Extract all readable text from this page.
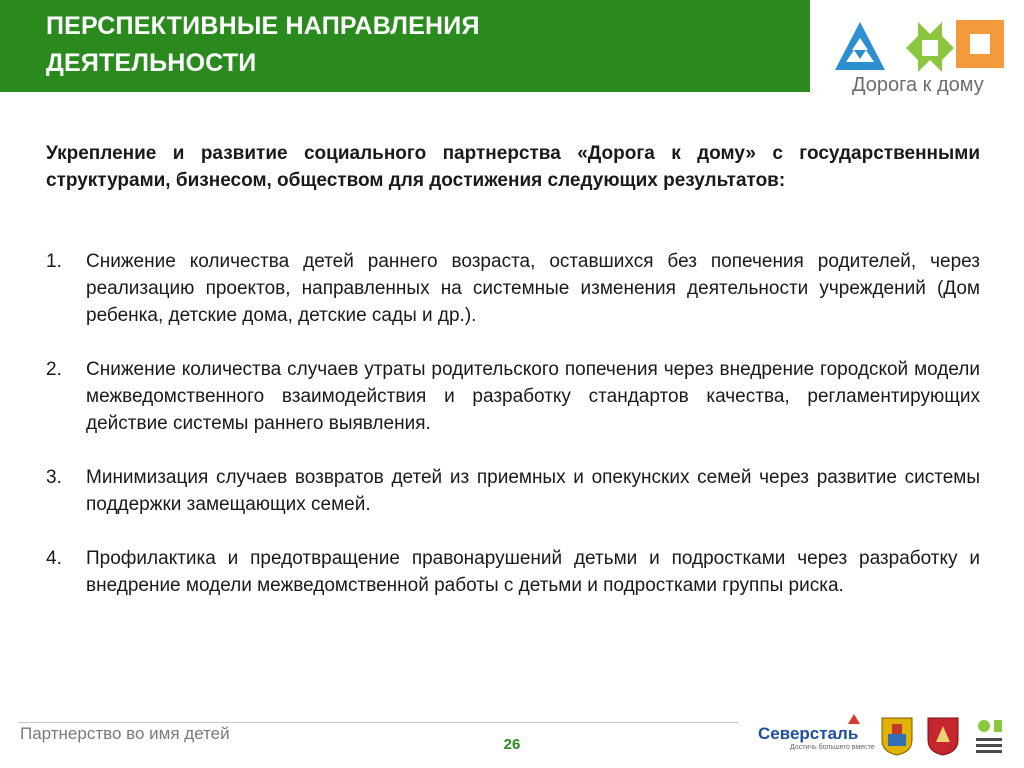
ПЕРСПЕКТИВНЫЕ НАПРАВЛЕНИЯ
ДЕЯТЕЛЬНОСТИ
Дорога к дому
Укрепление и развитие социального партнерства «Дорога к дому» с государственными структурами, бизнесом, обществом для достижения следующих результатов:
1.	Снижение количества детей раннего возраста, оставшихся без попечения родителей, через реализацию проектов, направленных на системные изменения деятельности учреждений (Дом ребенка, детские дома, детские сады и др.).
2.	Снижение количества случаев утраты родительского попечения через внедрение городской модели межведомственного взаимодействия и разработку стандартов качества, регламентирующих действие системы раннего выявления.
3.	Минимизация случаев возвратов детей из приемных и опекунских семей через развитие системы поддержки замещающих семей.
4.	Профилактика и предотвращение правонарушений детьми и подростками через разработку и внедрение модели межведомственной работы с детьми и подростками группы риска.
Партнерство во имя детей
26
Северсталь
Достичь большего вместе
